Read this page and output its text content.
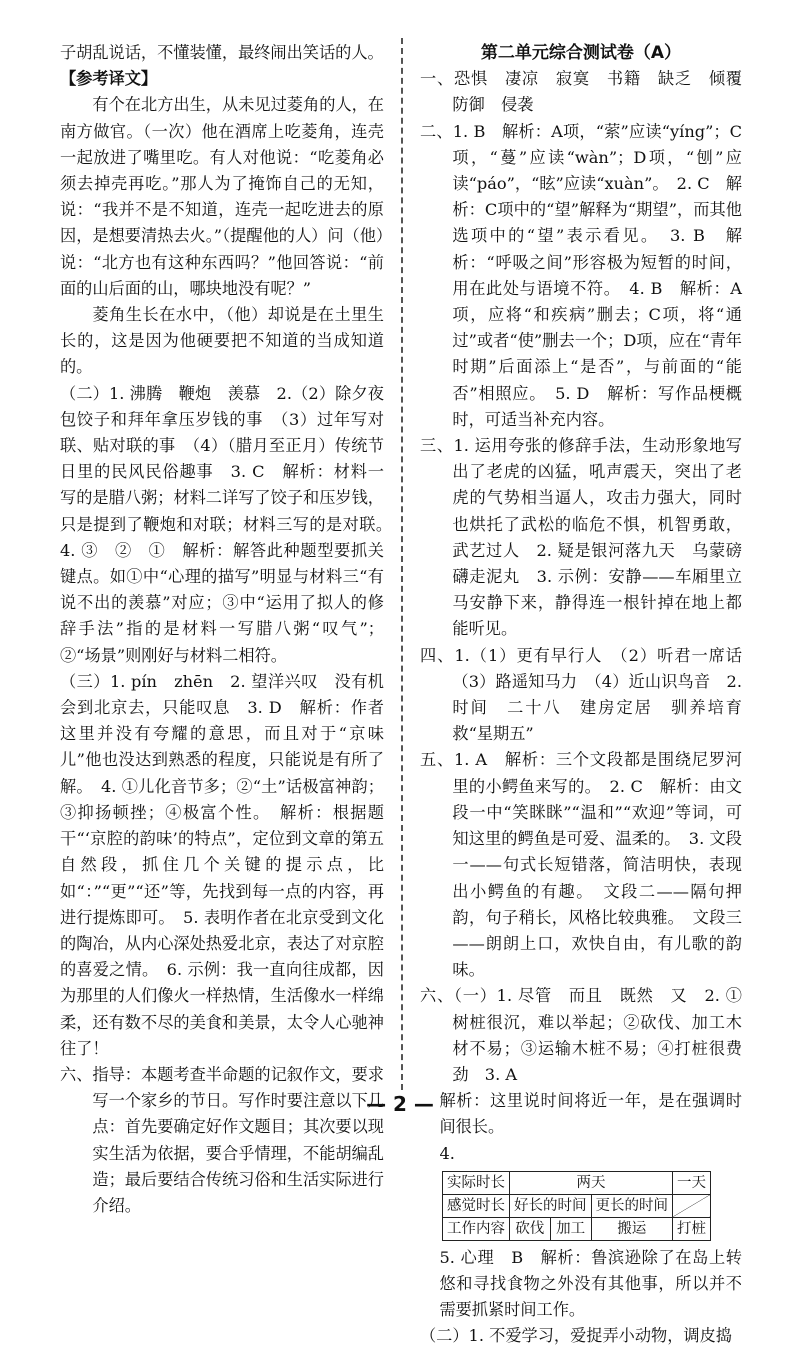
子胡乱说话，不懂装懂，最终闹出笑话的人。

【参考译文】

有个在北方出生，从未见过菱角的人，在南方做官。（一次）他在酒席上吃菱角，连壳一起放进了嘴里吃。有人对他说：“吃菱角必须去掉壳再吃。”那人为了掩饰自己的无知，说：“我并不是不知道，连壳一起吃进去的原因，是想要清热去火。”（提醒他的人）问（他）说：“北方也有这种东西吗？”他回答说：“前面的山后面的山，哪块地没有呢？”

菱角生长在水中，（他）却说是在土里生长的，这是因为他硬要把不知道的当成知道的。

（二）1. 沸腾　鞭炮　羡慕　2.（2）除夕夜包饺子和拜年拿压岁钱的事　（3）过年写对联、贴对联的事　（4）（腊月至正月）传统节日里的民风民俗趣事　3. C　解析：材料一写的是腊八粥；材料二详写了饺子和压岁钱，只是提到了鞭炮和对联；材料三写的是对联。　4. ③　②　①　解析：解答此种题型要抓关键点。如①中“心理的描写”明显与材料三“有说不出的羡慕”对应；③中“运用了拟人的修辞手法”指的是材料一写腊八粥“叹气”；②“场景”则刚好与材料二相符。

（三）1. pín　zhēn　2. 望洋兴叹　没有机会到北京去，只能叹息　3. D　解析：作者这里并没有夸耀的意思，而且对于“京味儿”他也没达到熟悉的程度，只能说是有所了解。　4. ①儿化音节多；②“土”话极富神韵；③抑扬顿挫；④极富个性。　解析：根据题干“‘京腔的韵味’的特点”，定位到文章的第五自然段，抓住几个关键的提示点，比如“：”“更”“还”等，先找到每一点的内容，再进行提炼即可。　5. 表明作者在北京受到文化的陶冶，从内心深处热爱北京，表达了对京腔的喜爱之情。　6. 示例：我一直向往成都，因为那里的人们像火一样热情，生活像水一样绵柔，还有数不尽的美食和美景，太令人心驰神往了！

六、指导：本题考查半命题的记叙作文，要求写一个家乡的节日。写作时要注意以下几点：首先要确定好作文题目；其次要以现实生活为依据，要合乎情理，不能胡编乱造；最后要结合传统习俗和生活实际进行介绍。

第二单元综合测试卷（A）

一、恐惧　凄凉　寂寞　书籍　缺乏　倾覆　防御　侵袭

二、1. B　解析：A项，“萦”应读“yíng”；C项，“蔓”应读“wàn”；D项，“刨”应读“páo”，“眩”应读“xuàn”。　2. C　解析：C项中的“望”解释为“期望”，而其他选项中的“望”表示看见。　3. B　解析：“呼吸之间”形容极为短暂的时间，用在此处与语境不符。　4. B　解析：A项，应将“和疾病”删去；C项，将“通过”或者“使”删去一个；D项，应在“青年时期”后面添上“是否”，与前面的“能否”相照应。　5. D　解析：写作品梗概时，可适当补充内容。

三、1. 运用夸张的修辞手法，生动形象地写出了老虎的凶猛，吼声震天，突出了老虎的气势相当逼人，攻击力强大，同时也烘托了武松的临危不惧，机智勇敢，武艺过人　2. 疑是银河落九天　乌蒙磅礴走泥丸　3. 示例：安静——车厢里立马安静下来，静得连一根针掉在地上都能听见。

四、1.（1）更有早行人　（2）听君一席话　（3）路遥知马力　（4）近山识鸟音　2. 时间　二十八　建房定居　驯养培育　救“星期五”

五、1. A　解析：三个文段都是围绕尼罗河里的小鳄鱼来写的。　2. C　解析：由文段一中“笑眯眯”“温和”“欢迎”等词，可知这里的鳄鱼是可爱、温柔的。　3. 文段一——句式长短错落，简洁明快，表现出小鳄鱼的有趣。　文段二——隔句押韵，句子稍长，风格比较典雅。　文段三——朗朗上口，欢快自由，有儿歌的韵味。

六、（一）1. 尽管　而且　既然　又　2. ①树桩很沉，难以举起；②砍伐、加工木材不易；③运输木桩不易；④打桩很费劲　3. A

解析：这里说时间将近一年，是在强调时间很长。

4.

实际时长	两天			一天
感觉时长	好长的时间		更长的时间	
工作内容	砍伐	加工	搬运	打桩

5. 心理　B　解析：鲁滨逊除了在岛上转悠和寻找食物之外没有其他事，所以并不需要抓紧时间工作。

（二）1. 不爱学习，爱捉弄小动物，调皮捣

— 2 —
